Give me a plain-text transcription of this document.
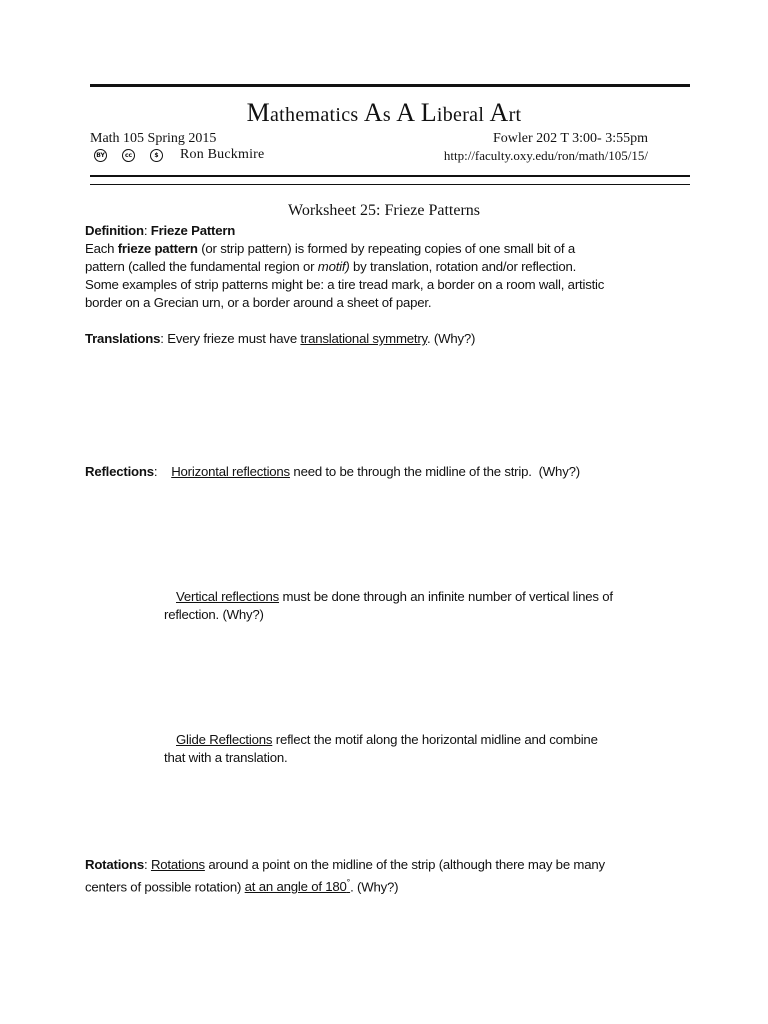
Mathematics As A Liberal Art
Math 105 Spring 2015
BY	cc	$	Ron Buckmire
Fowler 202 T 3:00- 3:55pm
http://faculty.oxy.edu/ron/math/105/15/
Worksheet 25: Frieze Patterns
Definition: Frieze Pattern
Each frieze pattern (or strip pattern) is formed by repeating copies of one small bit of a
pattern (called the fundamental region or motif) by translation, rotation and/or reflection.
Some examples of strip patterns might be: a tire tread mark, a border on a room wall, artistic
border on a Grecian urn, or a border around a sheet of paper.
Translations: Every frieze must have translational symmetry. (Why?)
Reflections:    Horizontal reflections need to be through the midline of the strip.  (Why?)
Vertical reflections must be done through an infinite number of vertical lines of
reflection. (Why?)
Glide Reflections reflect the motif along the horizontal midline and combine
that with a translation.
Rotations: Rotations around a point on the midline of the strip (although there may be many
centers of possible rotation) at an angle of 180°. (Why?)
